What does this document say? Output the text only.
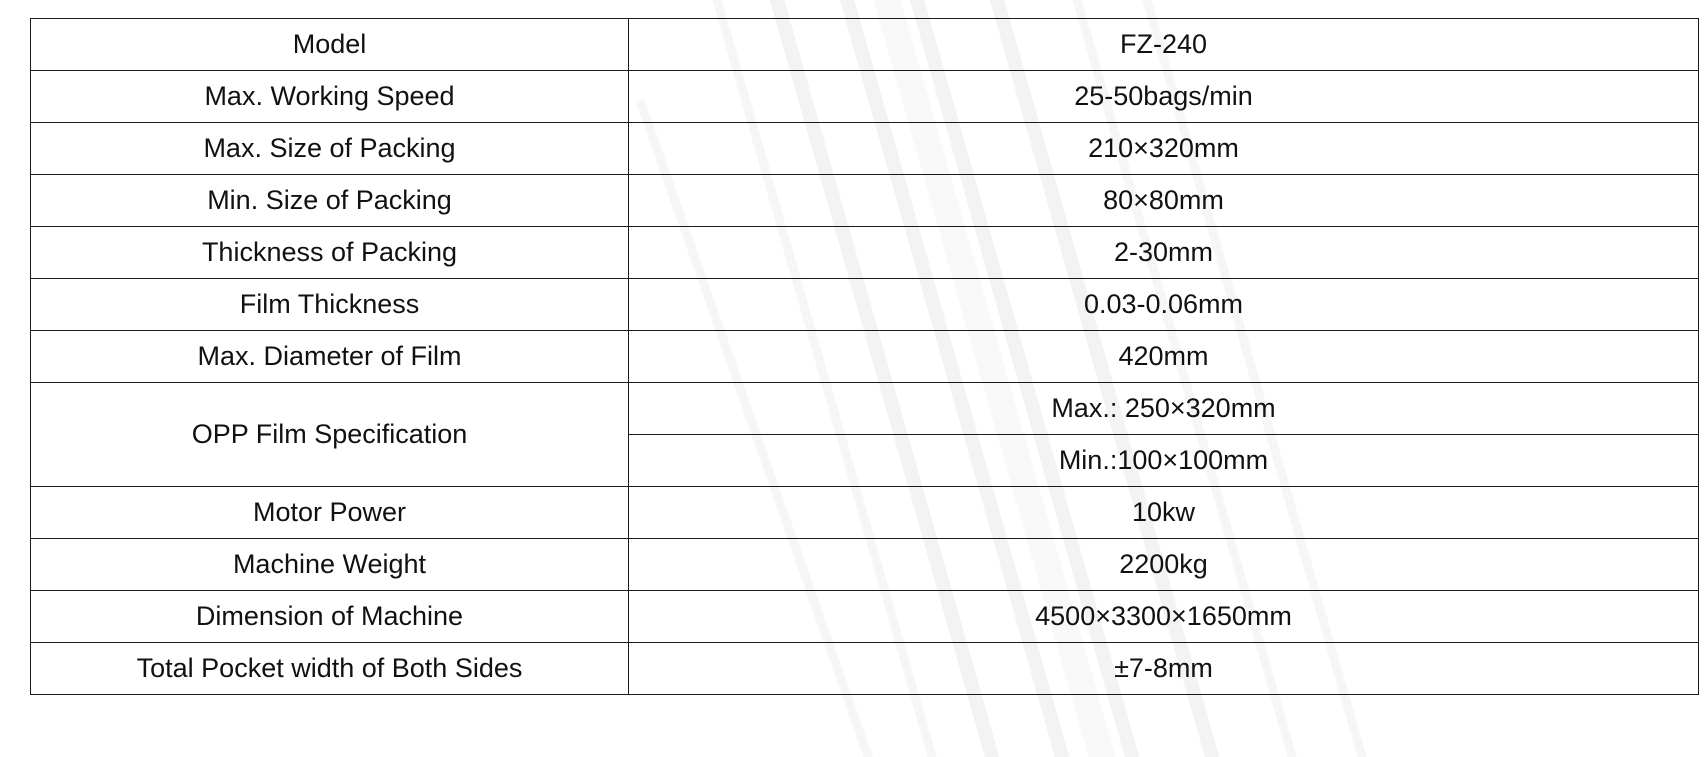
Model	FZ-240
Max. Working Speed	25-50bags/min
Max. Size of Packing	210×320mm
Min. Size of Packing	80×80mm
Thickness of Packing	2-30mm
Film Thickness	0.03-0.06mm
Max. Diameter of Film	420mm
OPP Film Specification	Max.: 250×320mm
	Min.:100×100mm
Motor Power	10kw
Machine Weight	2200kg
Dimension of Machine	4500×3300×1650mm
Total Pocket width of Both Sides	±7-8mm
